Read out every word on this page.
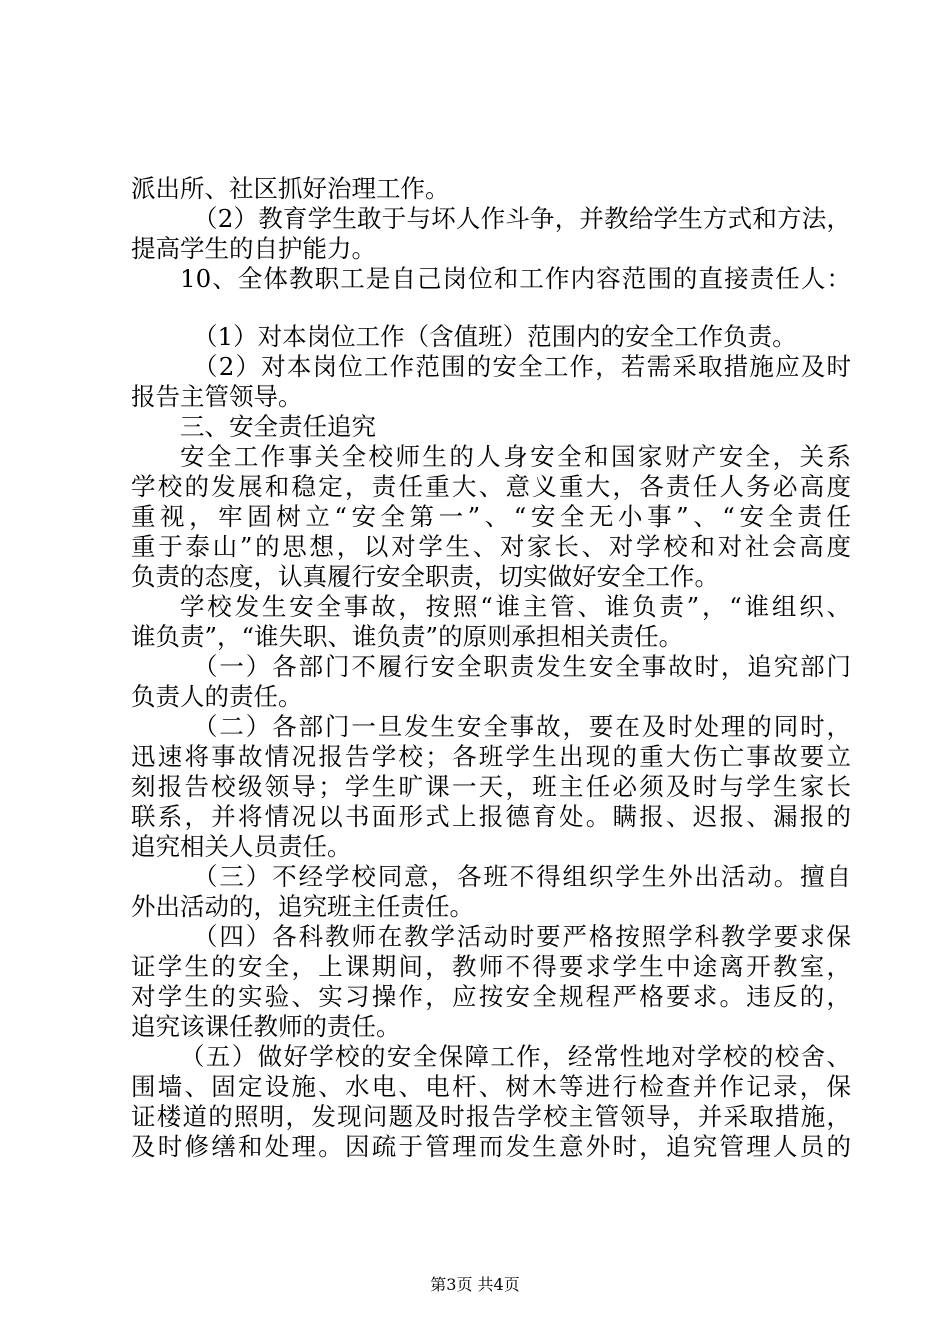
派出所、社区抓好治理工作。
（2）教育学生敢于与坏人作斗争，并教给学生方式和方法，
提高学生的自护能力。
10、全体教职工是自己岗位和工作内容范围的直接责任人：
（1）对本岗位工作（含值班）范围内的安全工作负责。
（2）对本岗位工作范围的安全工作，若需采取措施应及时
报告主管领导。
三、安全责任追究
安全工作事关全校师生的人身安全和国家财产安全，关系
学校的发展和稳定，责任重大、意义重大，各责任人务必高度
重视，牢固树立“安全第一”、“安全无小事”、“安全责任
重于泰山”的思想，以对学生、对家长、对学校和对社会高度
负责的态度，认真履行安全职责，切实做好安全工作。
学校发生安全事故，按照“谁主管、谁负责”，“谁组织、
谁负责”，“谁失职、谁负责”的原则承担相关责任。
（一）各部门不履行安全职责发生安全事故时，追究部门
负责人的责任。
（二）各部门一旦发生安全事故，要在及时处理的同时，
迅速将事故情况报告学校；各班学生出现的重大伤亡事故要立
刻报告校级领导；学生旷课一天，班主任必须及时与学生家长
联系，并将情况以书面形式上报德育处。瞒报、迟报、漏报的
追究相关人员责任。
（三）不经学校同意，各班不得组织学生外出活动。擅自
外出活动的，追究班主任责任。
（四）各科教师在教学活动时要严格按照学科教学要求保
证学生的安全，上课期间，教师不得要求学生中途离开教室，
对学生的实验、实习操作，应按安全规程严格要求。违反的，
追究该课任教师的责任。
（五）做好学校的安全保障工作，经常性地对学校的校舍、
围墙、固定设施、水电、电杆、树木等进行检查并作记录，保
证楼道的照明，发现问题及时报告学校主管领导，并采取措施，
及时修缮和处理。因疏于管理而发生意外时，追究管理人员的
第3页 共4页
